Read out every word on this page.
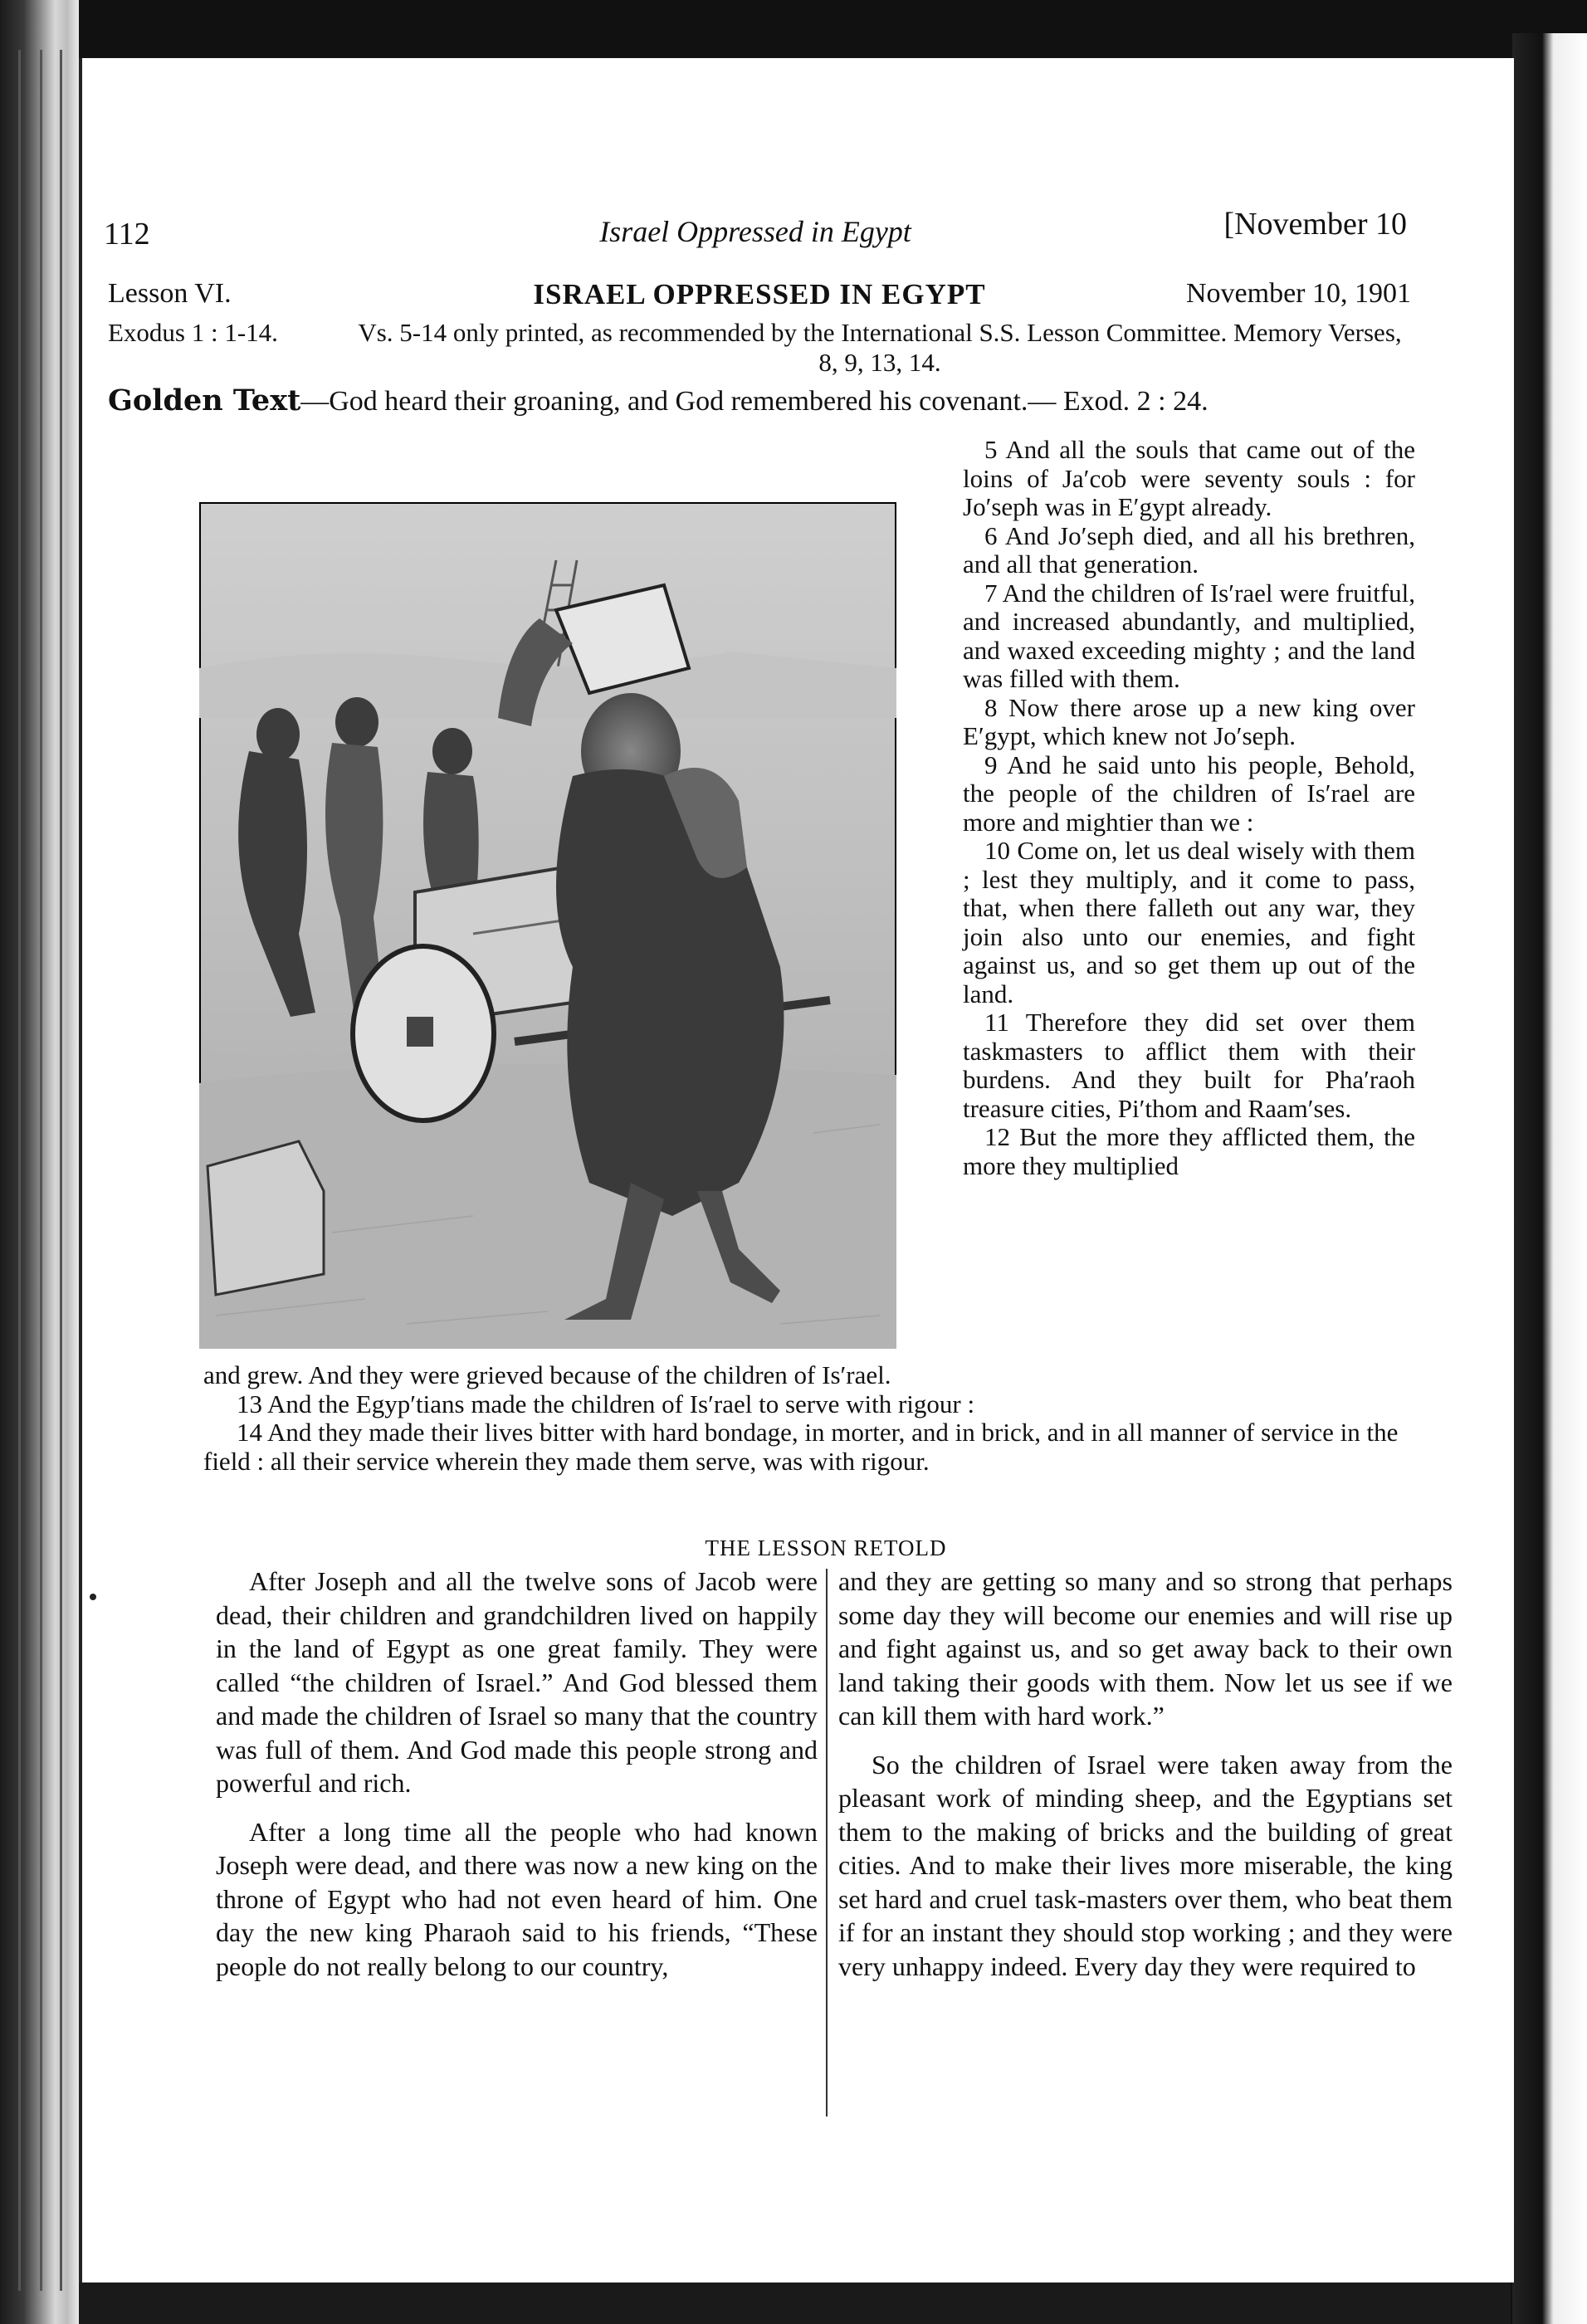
112	Israel Oppressed in Egypt	[November 10
ISRAEL OPPRESSED IN EGYPT
Lesson VI.	November 10, 1901
Exodus 1 : 1-14.	Vs. 5-14 only printed, as recommended by the International S.S. Lesson Committee. Memory Verses, 8, 9, 13, 14.
Golden Text—God heard their groaning, and God remembered his covenant.— Exod. 2 : 24.

5 And all the souls that came out of the loins of Ja′cob were seventy souls : for Jo′seph was in E′gypt already.

6 And Jo′seph died, and all his brethren, and all that generation.

7 And the children of Is′rael were fruitful, and increased abundantly, and multiplied, and waxed exceeding mighty ; and the land was filled with them.

8 Now there arose up a new king over E′gypt, which knew not Jo′seph.

9 And he said unto his people, Behold, the people of the children of Is′rael are more and mightier than we :

10 Come on, let us deal wisely with them ; lest they multiply, and it come to pass, that, when there falleth out any war, they join also unto our enemies, and fight against us, and so get them up out of the land.

11 Therefore they did set over them taskmasters to afflict them with their burdens. And they built for Pha′raoh treasure cities, Pi′thom and Raam′ses.

12 But the more they afflicted them, the more they multiplied

and grew. And they were grieved because of the children of Is′rael.

13 And the Egyp′tians made the children of Is′rael to serve with rigour :

14 And they made their lives bitter with hard bondage, in morter, and in brick, and in all manner of service in the field : all their service wherein they made them serve, was with rigour.

THE LESSON RETOLD

After Joseph and all the twelve sons of Jacob were dead, their children and grandchildren lived on happily in the land of Egypt as one great family. They were called “the children of Israel.” And God blessed them and made the children of Israel so many that the country was full of them. And God made this people strong and powerful and rich.

After a long time all the people who had known Joseph were dead, and there was now a new king on the throne of Egypt who had not even heard of him. One day the new king Pharaoh said to his friends, “These people do not really belong to our country,

and they are getting so many and so strong that perhaps some day they will become our enemies and will rise up and fight against us, and so get away back to their own land taking their goods with them. Now let us see if we can kill them with hard work.”

So the children of Israel were taken away from the pleasant work of minding sheep, and the Egyptians set them to the making of bricks and the building of great cities. And to make their lives more miserable, the king set hard and cruel task-masters over them, who beat them if for an instant they should stop working ; and they were very unhappy indeed. Every day they were required to
